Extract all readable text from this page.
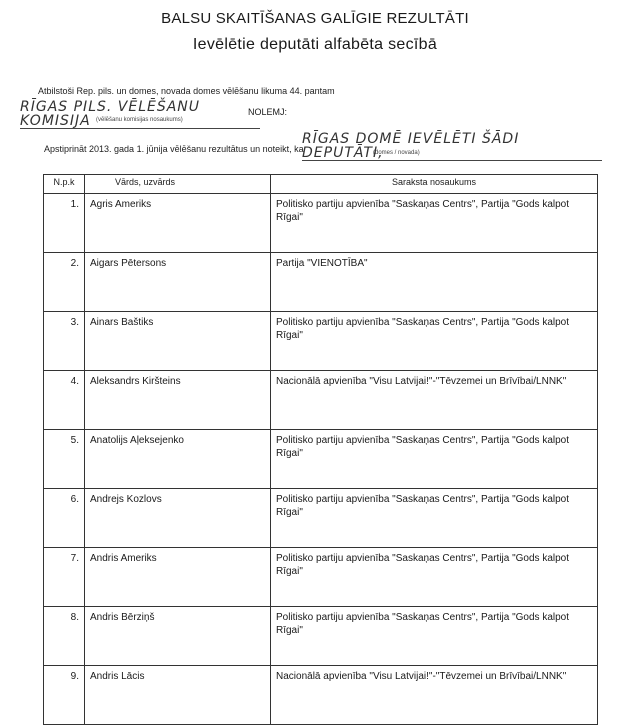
BALSU SKAITĪŠANAS GALĪGIE REZULTĀTI
Ievēlētie deputāti alfabēta secībā
Atbilstoši Rep. pils. un domes, novada domes vēlēšanu likuma 44. pantam
RĪGAS PILS. VĒLĒŠANU KOMISIJA
NOLEMJ:
(vēlēšanu komisijas nosaukums)
Apstiprināt 2013. gada 1. jūnija vēlēšanu rezultātus un noteikt, ka
RĪGAS DOMĒ IEVĒLĒTI ŠĀDI DEPUTĀTI,
(domes / novada)
N.p.k	Vārds, uzvārds	Saraksta nosaukums
1.	Agris Ameriks	Politisko partiju apvienība "Saskaņas Centrs", Partija "Gods kalpot Rīgai"
2.	Aigars Pētersons	Partija "VIENOTĪBA"
3.	Ainars Baštiks	Politisko partiju apvienība "Saskaņas Centrs", Partija "Gods kalpot Rīgai"
4.	Aleksandrs Kiršteins	Nacionālā apvienība "Visu Latvijai!"-"Tēvzemei un Brīvībai/LNNK"
5.	Anatolijs Aļeksejenko	Politisko partiju apvienība "Saskaņas Centrs", Partija "Gods kalpot Rīgai"
6.	Andrejs Kozlovs	Politisko partiju apvienība "Saskaņas Centrs", Partija "Gods kalpot Rīgai"
7.	Andris Ameriks	Politisko partiju apvienība "Saskaņas Centrs", Partija "Gods kalpot Rīgai"
8.	Andris Bērziņš	Politisko partiju apvienība "Saskaņas Centrs", Partija "Gods kalpot Rīgai"
9.	Andris Lācis	Nacionālā apvienība "Visu Latvijai!"-"Tēvzemei un Brīvībai/LNNK"
